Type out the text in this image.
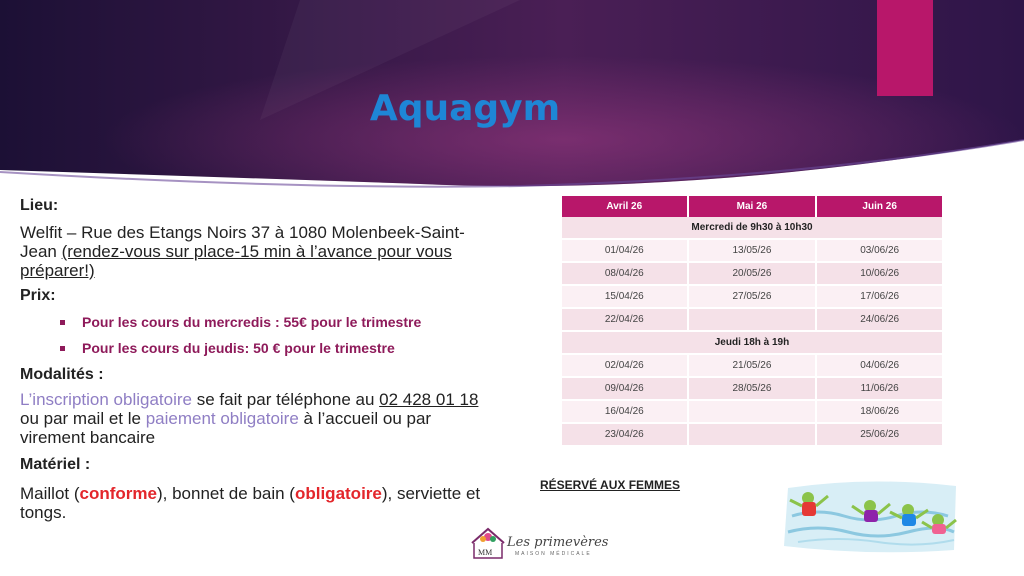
Aquagym

Lieu:

Welfit – Rue des Etangs Noirs 37 à 1080 Molenbeek-Saint-Jean (rendez-vous sur place-15 min à l’avance pour vous préparer!)

Prix:

Pour les cours du mercredis : 55€ pour le trimestre
Pour les cours du jeudis: 50 € pour le trimestre

Modalités :

L’inscription obligatoire se fait par téléphone au 02 428 01 18 ou par mail et le paiement obligatoire à l’accueil ou par virement bancaire

Matériel :

Maillot (conforme), bonnet de bain (obligatoire), serviette et tongs.

Avril 26	Mai 26	Juin 26
Mercredi de 9h30 à 10h30		
01/04/26	13/05/26	03/06/26
08/04/26	20/05/26	10/06/26
15/04/26	27/05/26	17/06/26
22/04/26		24/06/26
Jeudi 18h à 19h		
02/04/26	21/05/26	04/06/26
09/04/26	28/05/26	11/06/26
16/04/26		18/06/26
23/04/26		25/06/26
RÉSERVÉ AUX FEMMES
MM
Les primevères
MAISON MÉDICALE
